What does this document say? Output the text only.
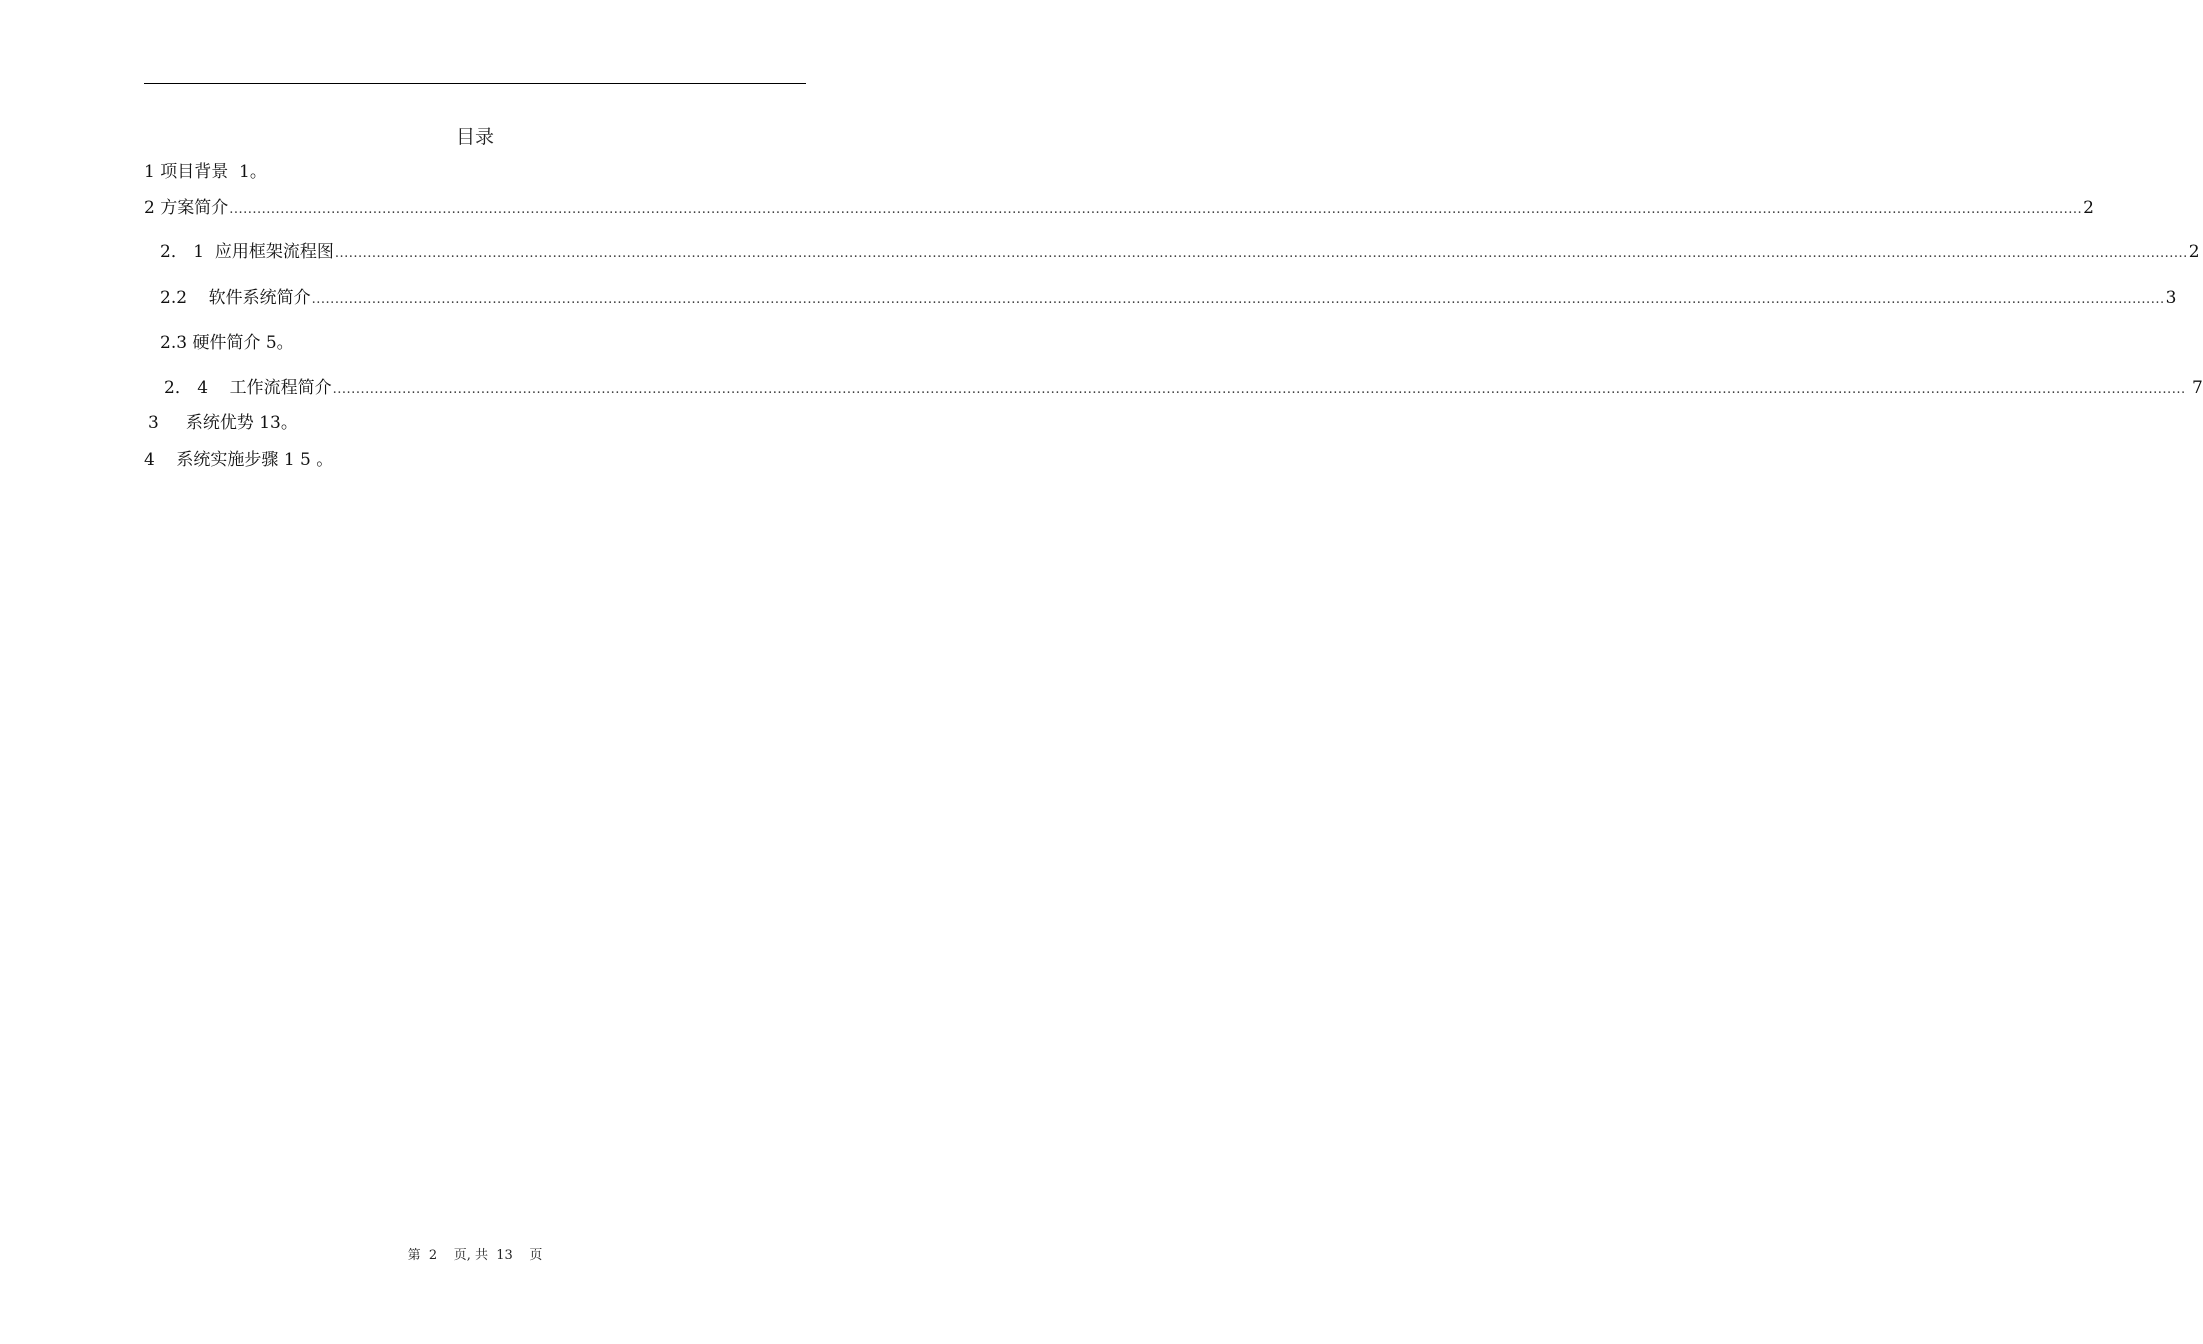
目录
1 项目背景  1。
2 方案简介 ................................................................................................................................................................................................................................................................................................................................................................................................................ 2
2． 1  应用框架流程图 ................................................................................................................................................................................................................................................................................................................................................................................................................ 2
2.2    软件系统简介 ................................................................................................................................................................................................................................................................................................................................................................................................................ 3
2.3 硬件简介 5。
2． 4    工作流程简介 ................................................................................................................................................................................................................................................................................................................................................................................................................ 7
3     系统优势 13。
4    系统实施步骤 1 5 。
第  2    页, 共  13    页
